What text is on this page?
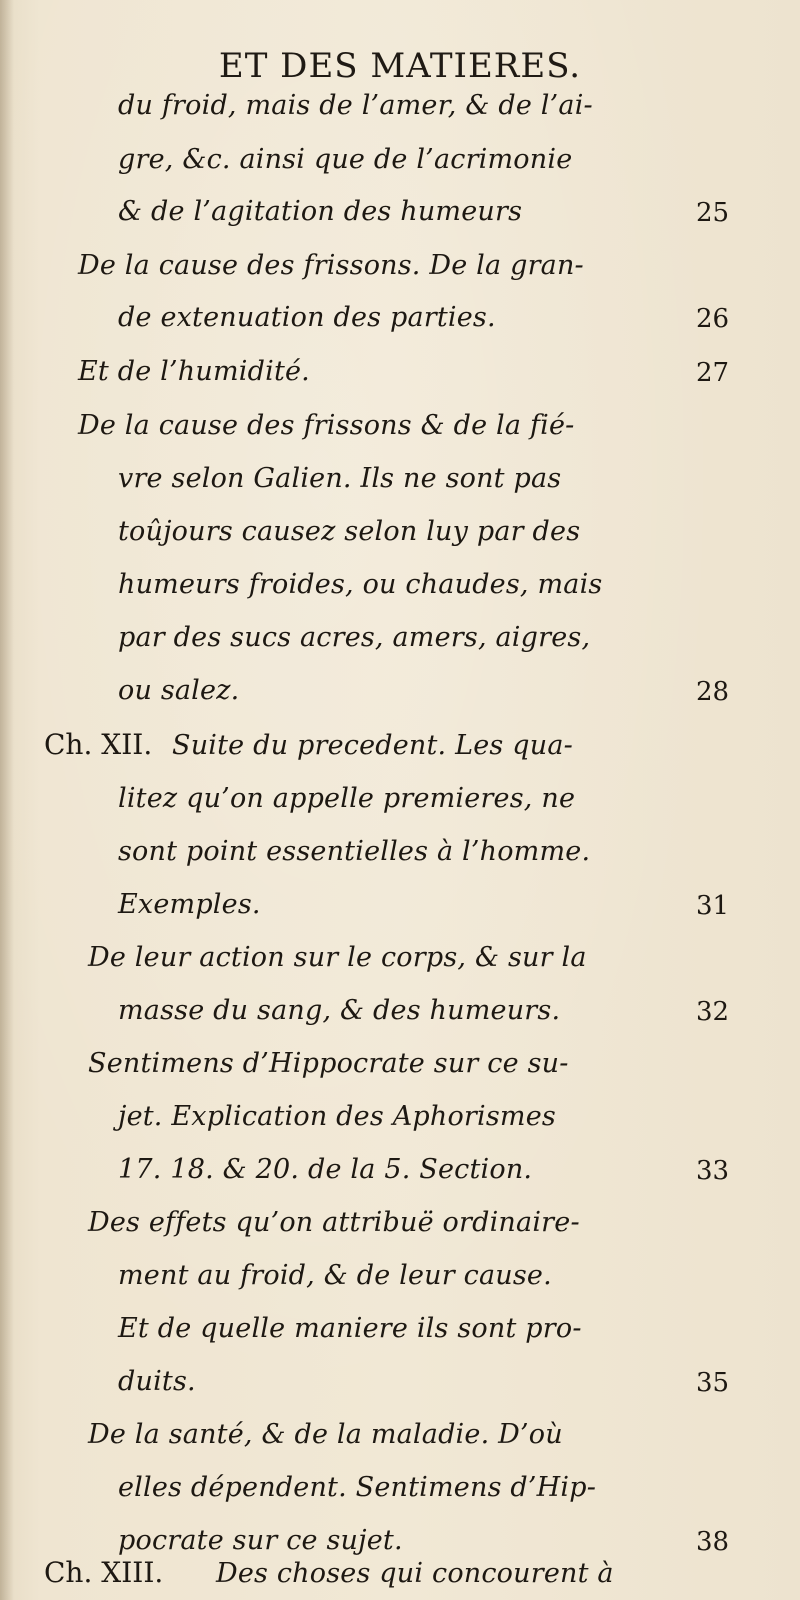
ET DES MATIERES.
du froid, mais de l’amer, & de l’ai-
gre, &c. ainsi que de l’acrimonie
& de l’agitation des humeurs	25
De la cause des frissons. De la gran-
de extenuation des parties.	26
Et de l’humidité.	27
De la cause des frissons & de la fié-
vre selon Galien. Ils ne sont pas
toûjours causez selon luy par des
humeurs froides, ou chaudes, mais
par des sucs acres, amers, aigres,
ou salez.	28
Ch. XII. Suite du precedent. Les qua-
litez qu’on appelle premieres, ne
sont point essentielles à l’homme.
Exemples.	31
De leur action sur le corps, & sur la
masse du sang, & des humeurs.	32
Sentimens d’Hippocrate sur ce su-
jet. Explication des Aphorismes
17. 18. & 20. de la 5. Section.	33
Des effets qu’on attribuë ordinaire-
ment au froid, & de leur cause.
Et de quelle maniere ils sont pro-
duits.	35
De la santé, & de la maladie. D’où
elles dépendent. Sentimens d’Hip-
pocrate sur ce sujet.	38
Ch. XIII. Des choses qui concourent à
